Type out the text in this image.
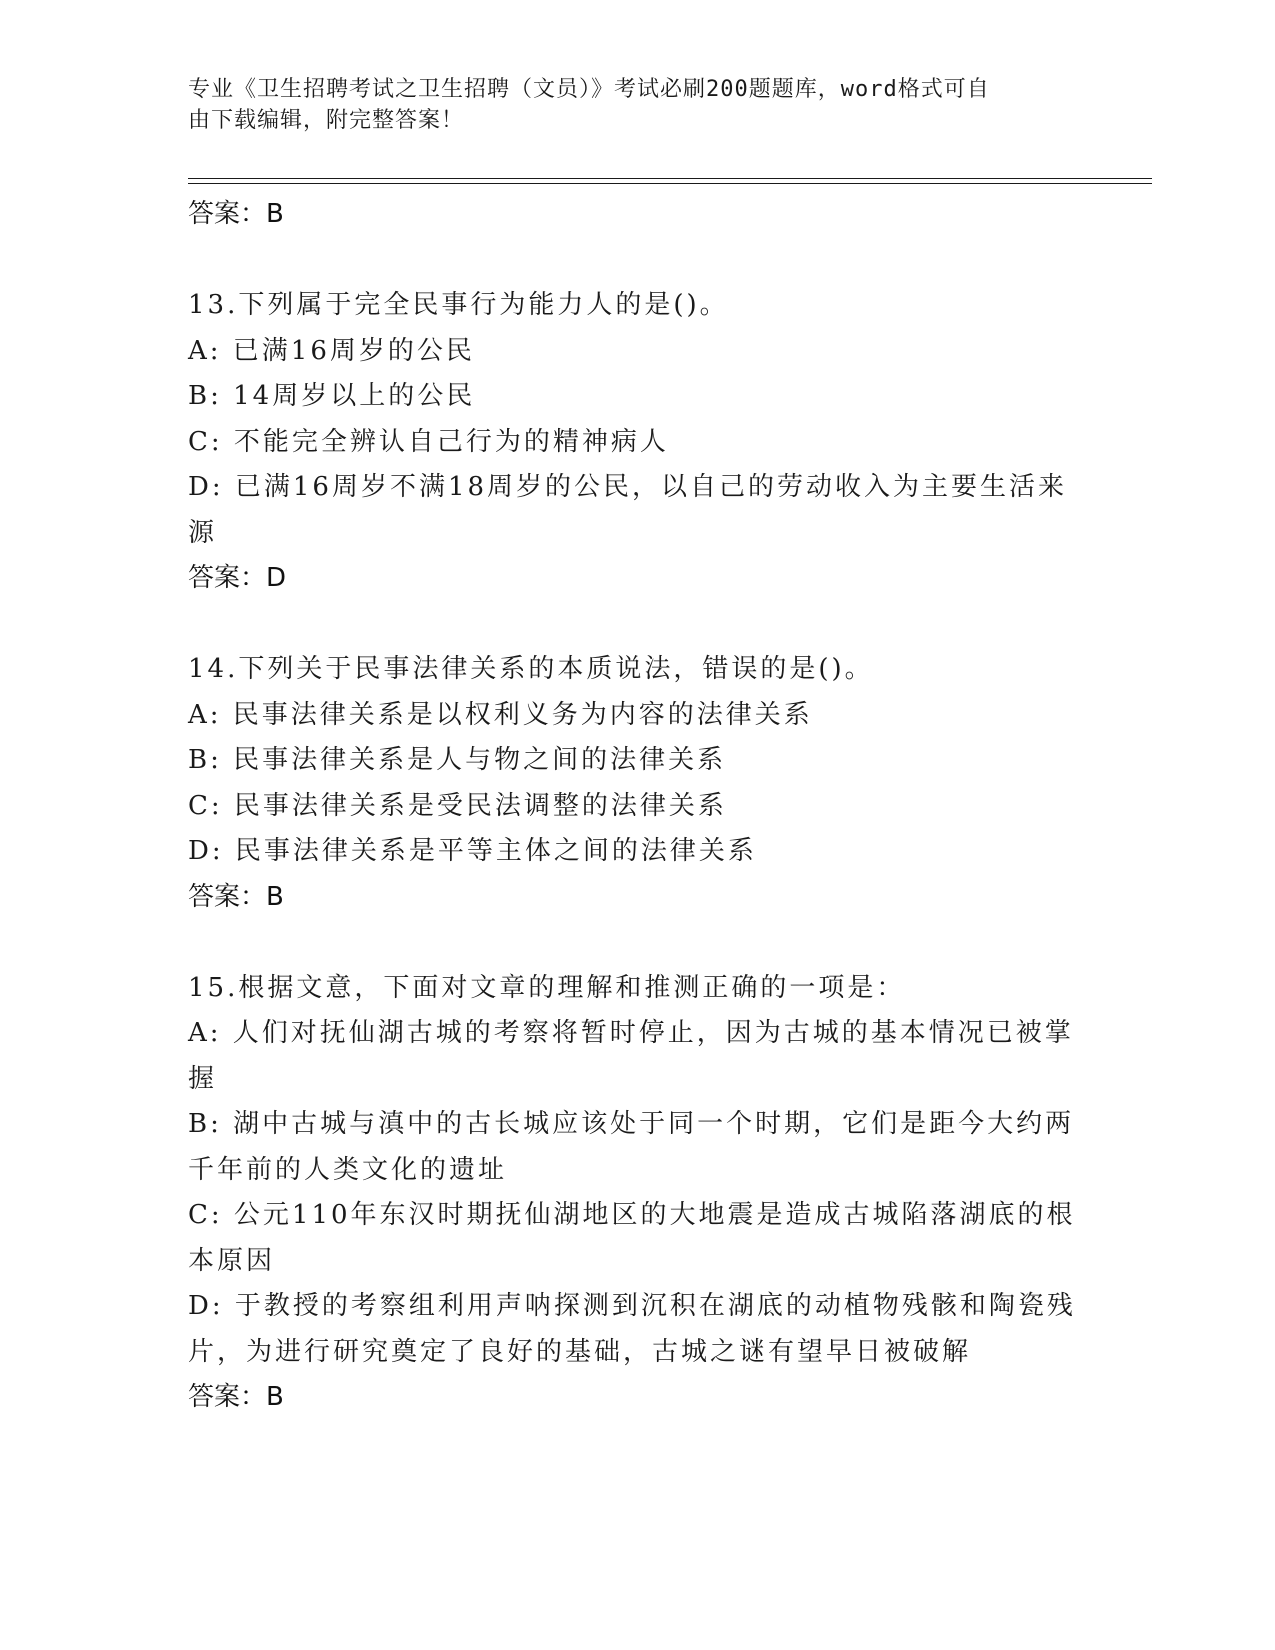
专业《卫生招聘考试之卫生招聘（文员）》考试必刷200题题库，word格式可自
由下载编辑，附完整答案！

答案：B

13.下列属于完全民事行为能力人的是()。

A: 已满16周岁的公民

B: 14周岁以上的公民

C: 不能完全辨认自己行为的精神病人

D: 已满16周岁不满18周岁的公民，以自己的劳动收入为主要生活来源

答案：D

14.下列关于民事法律关系的本质说法，错误的是()。

A: 民事法律关系是以权利义务为内容的法律关系

B: 民事法律关系是人与物之间的法律关系

C: 民事法律关系是受民法调整的法律关系

D: 民事法律关系是平等主体之间的法律关系

答案：B

15.根据文意，下面对文章的理解和推测正确的一项是：

A: 人们对抚仙湖古城的考察将暂时停止，因为古城的基本情况已被掌握

B: 湖中古城与滇中的古长城应该处于同一个时期，它们是距今大约两千年前的人类文化的遗址

C: 公元110年东汉时期抚仙湖地区的大地震是造成古城陷落湖底的根本原因

D: 于教授的考察组利用声呐探测到沉积在湖底的动植物残骸和陶瓷残片，为进行研究奠定了良好的基础，古城之谜有望早日被破解

答案：B
